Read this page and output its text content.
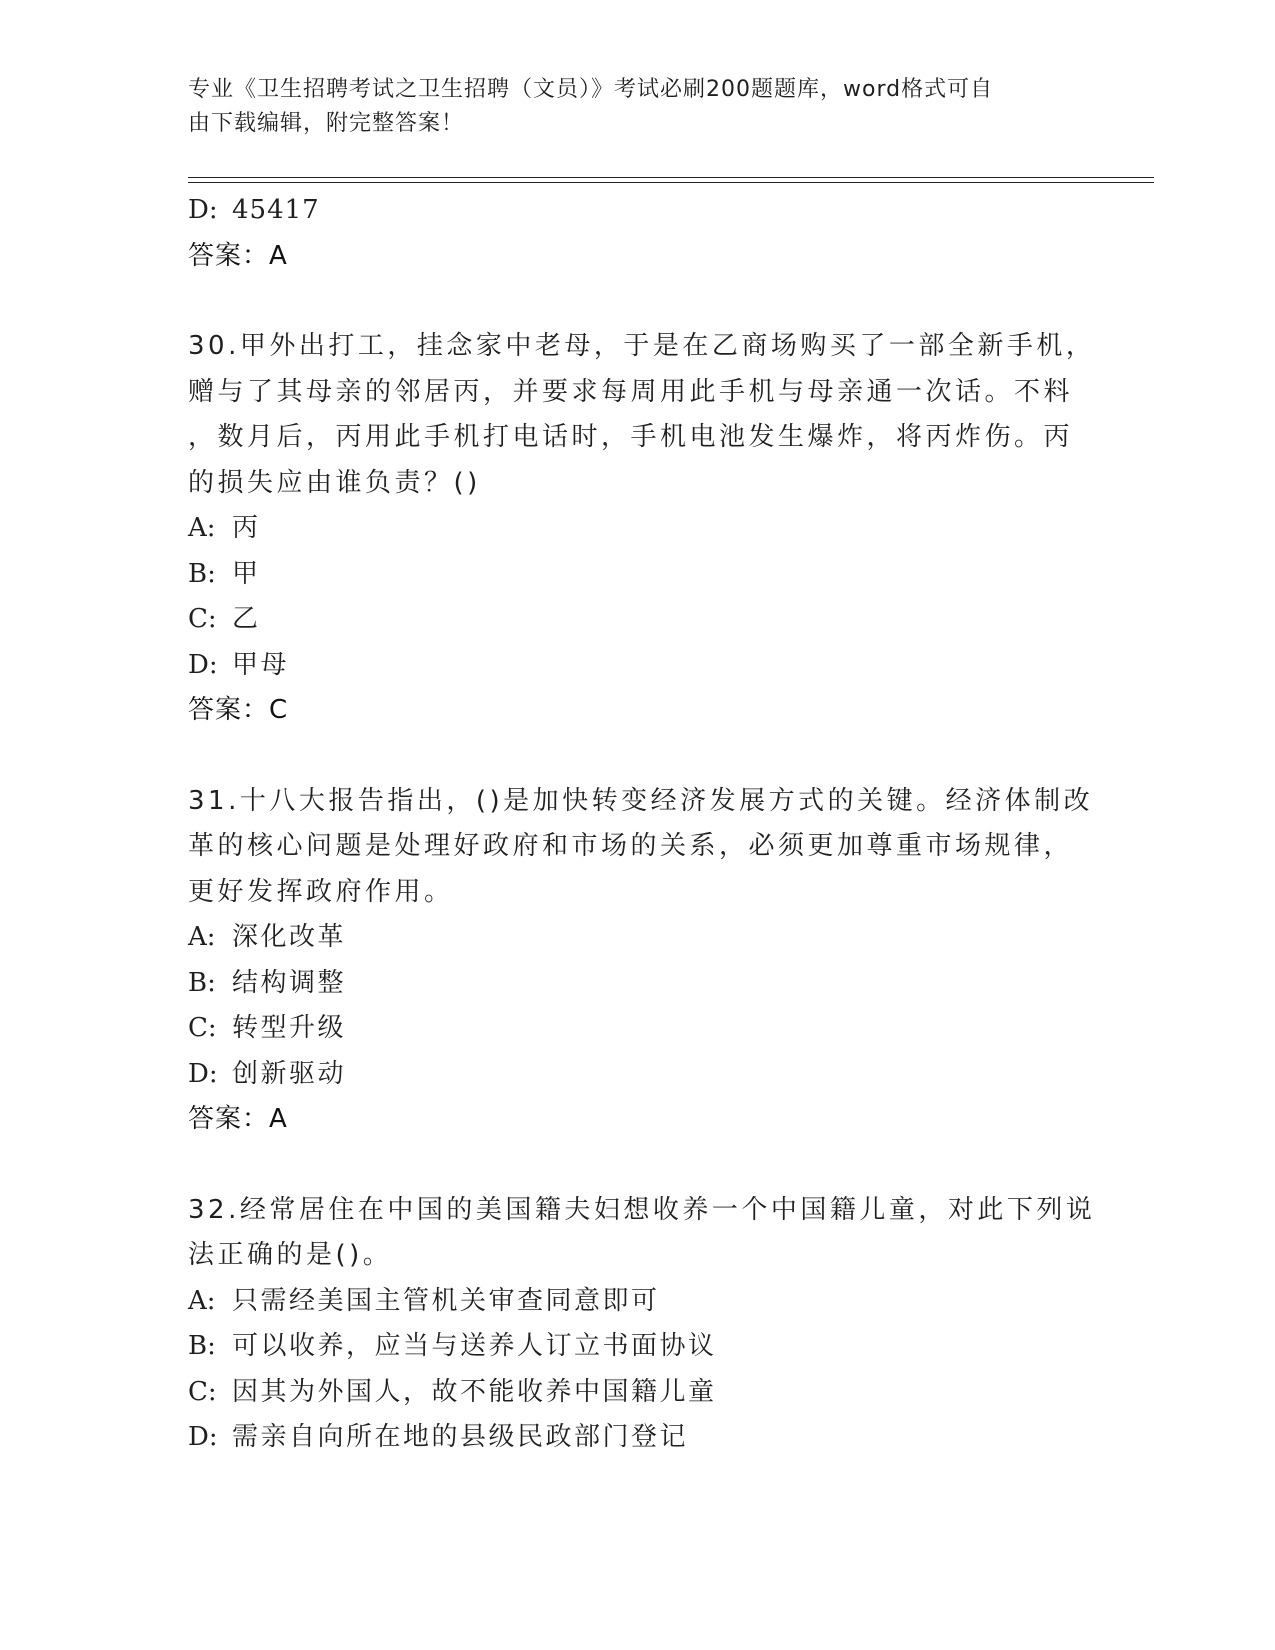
专业《卫生招聘考试之卫生招聘（文员）》考试必刷200题题库，word格式可自
由下载编辑，附完整答案！
D: 45417
答案：A
30.甲外出打工，挂念家中老母，于是在乙商场购买了一部全新手机，
赠与了其母亲的邻居丙，并要求每周用此手机与母亲通一次话。不料
，数月后，丙用此手机打电话时，手机电池发生爆炸，将丙炸伤。丙
的损失应由谁负责？()
A: 丙
B: 甲
C: 乙
D: 甲母
答案：C
31.十八大报告指出，()是加快转变经济发展方式的关键。经济体制改
革的核心问题是处理好政府和市场的关系，必须更加尊重市场规律，
更好发挥政府作用。
A: 深化改革
B: 结构调整
C: 转型升级
D: 创新驱动
答案：A
32.经常居住在中国的美国籍夫妇想收养一个中国籍儿童，对此下列说
法正确的是()。
A: 只需经美国主管机关审查同意即可
B: 可以收养，应当与送养人订立书面协议
C: 因其为外国人，故不能收养中国籍儿童
D: 需亲自向所在地的县级民政部门登记
